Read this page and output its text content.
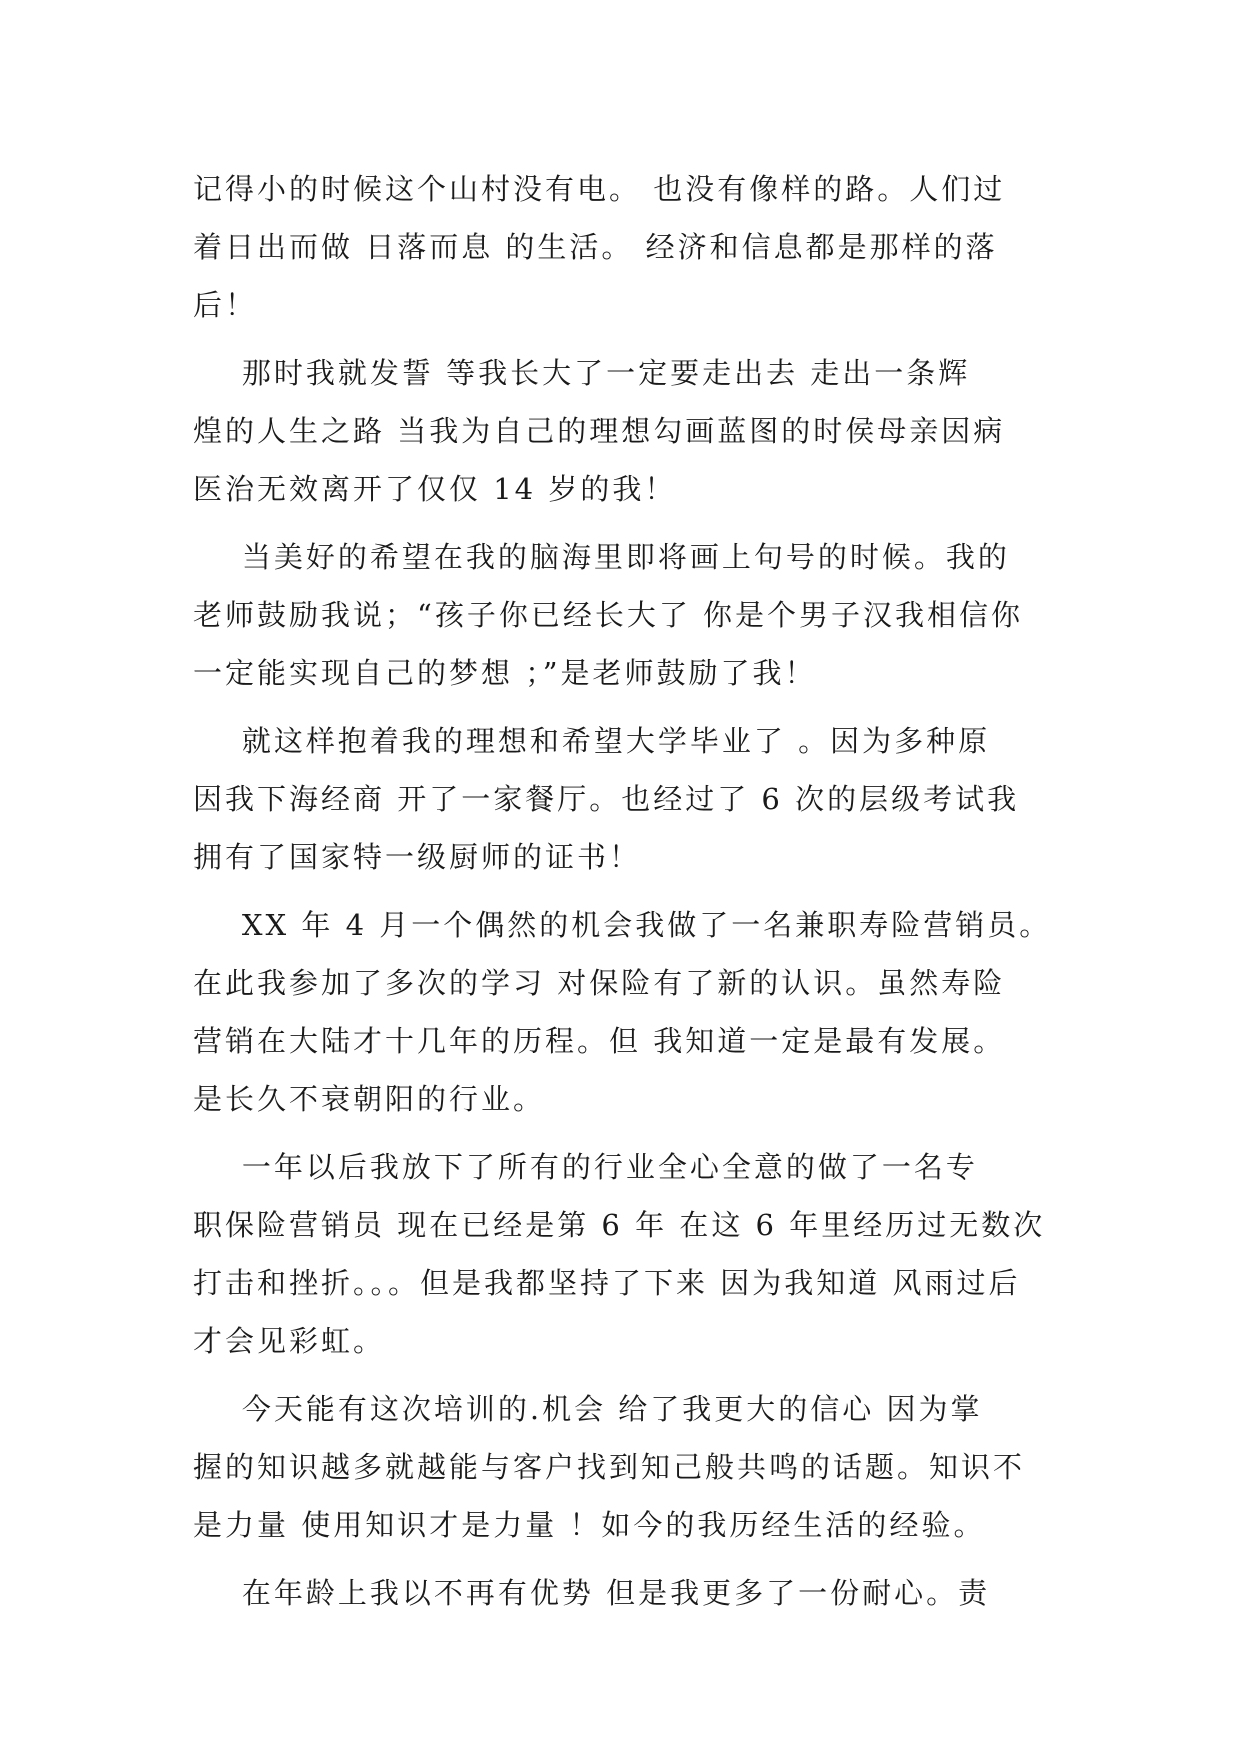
记得小的时候这个山村没有电。 也没有像样的路。人们过
着日出而做 日落而息 的生活。 经济和信息都是那样的落
后！
那时我就发誓 等我长大了一定要走出去 走出一条辉
煌的人生之路 当我为自己的理想勾画蓝图的时侯母亲因病
医治无效离开了仅仅 14 岁的我！
当美好的希望在我的脑海里即将画上句号的时候。我的
老师鼓励我说；“孩子你已经长大了 你是个男子汉我相信你
一定能实现自己的梦想 ；”是老师鼓励了我！
就这样抱着我的理想和希望大学毕业了 。因为多种原
因我下海经商 开了一家餐厅。也经过了 6 次的层级考试我
拥有了国家特一级厨师的证书！
XX 年 4 月一个偶然的机会我做了一名兼职寿险营销员。
在此我参加了多次的学习 对保险有了新的认识。虽然寿险
营销在大陆才十几年的历程。但 我知道一定是最有发展。
是长久不衰朝阳的行业。
一年以后我放下了所有的行业全心全意的做了一名专
职保险营销员 现在已经是第 6 年 在这 6 年里经历过无数次
打击和挫折。。。但是我都坚持了下来 因为我知道 风雨过后
才会见彩虹。
今天能有这次培训的.机会 给了我更大的信心 因为掌
握的知识越多就越能与客户找到知己般共鸣的话题。知识不
是力量 使用知识才是力量 ！如今的我历经生活的经验。
在年龄上我以不再有优势 但是我更多了一份耐心。责
